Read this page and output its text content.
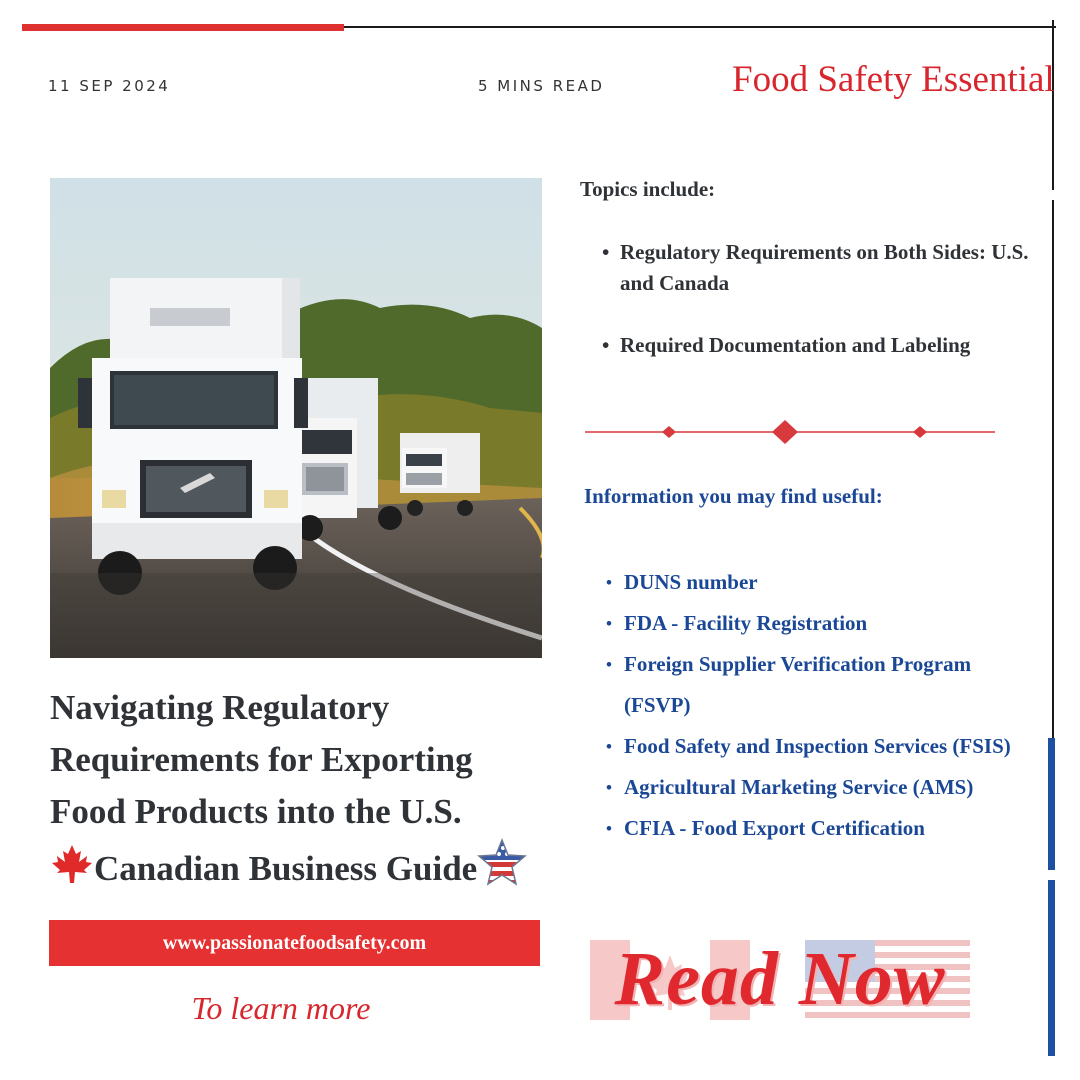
11 SEP 2024	5 MINS READ	Food Safety Essential
Navigating Regulatory
Requirements for Exporting
Food Products into the U.S.
Canadian Business Guide
www.passionatefoodsafety.com
To learn more
Topics include:
• Regulatory Requirements on Both Sides: U.S. and Canada
• Required Documentation and Labeling
Information you may find useful:
• DUNS number
• FDA - Facility Registration
• Foreign Supplier Verification Program (FSVP)
• Food Safety and Inspection Services (FSIS)
• Agricultural Marketing Service (AMS)
• CFIA - Food Export Certification
Read Now
